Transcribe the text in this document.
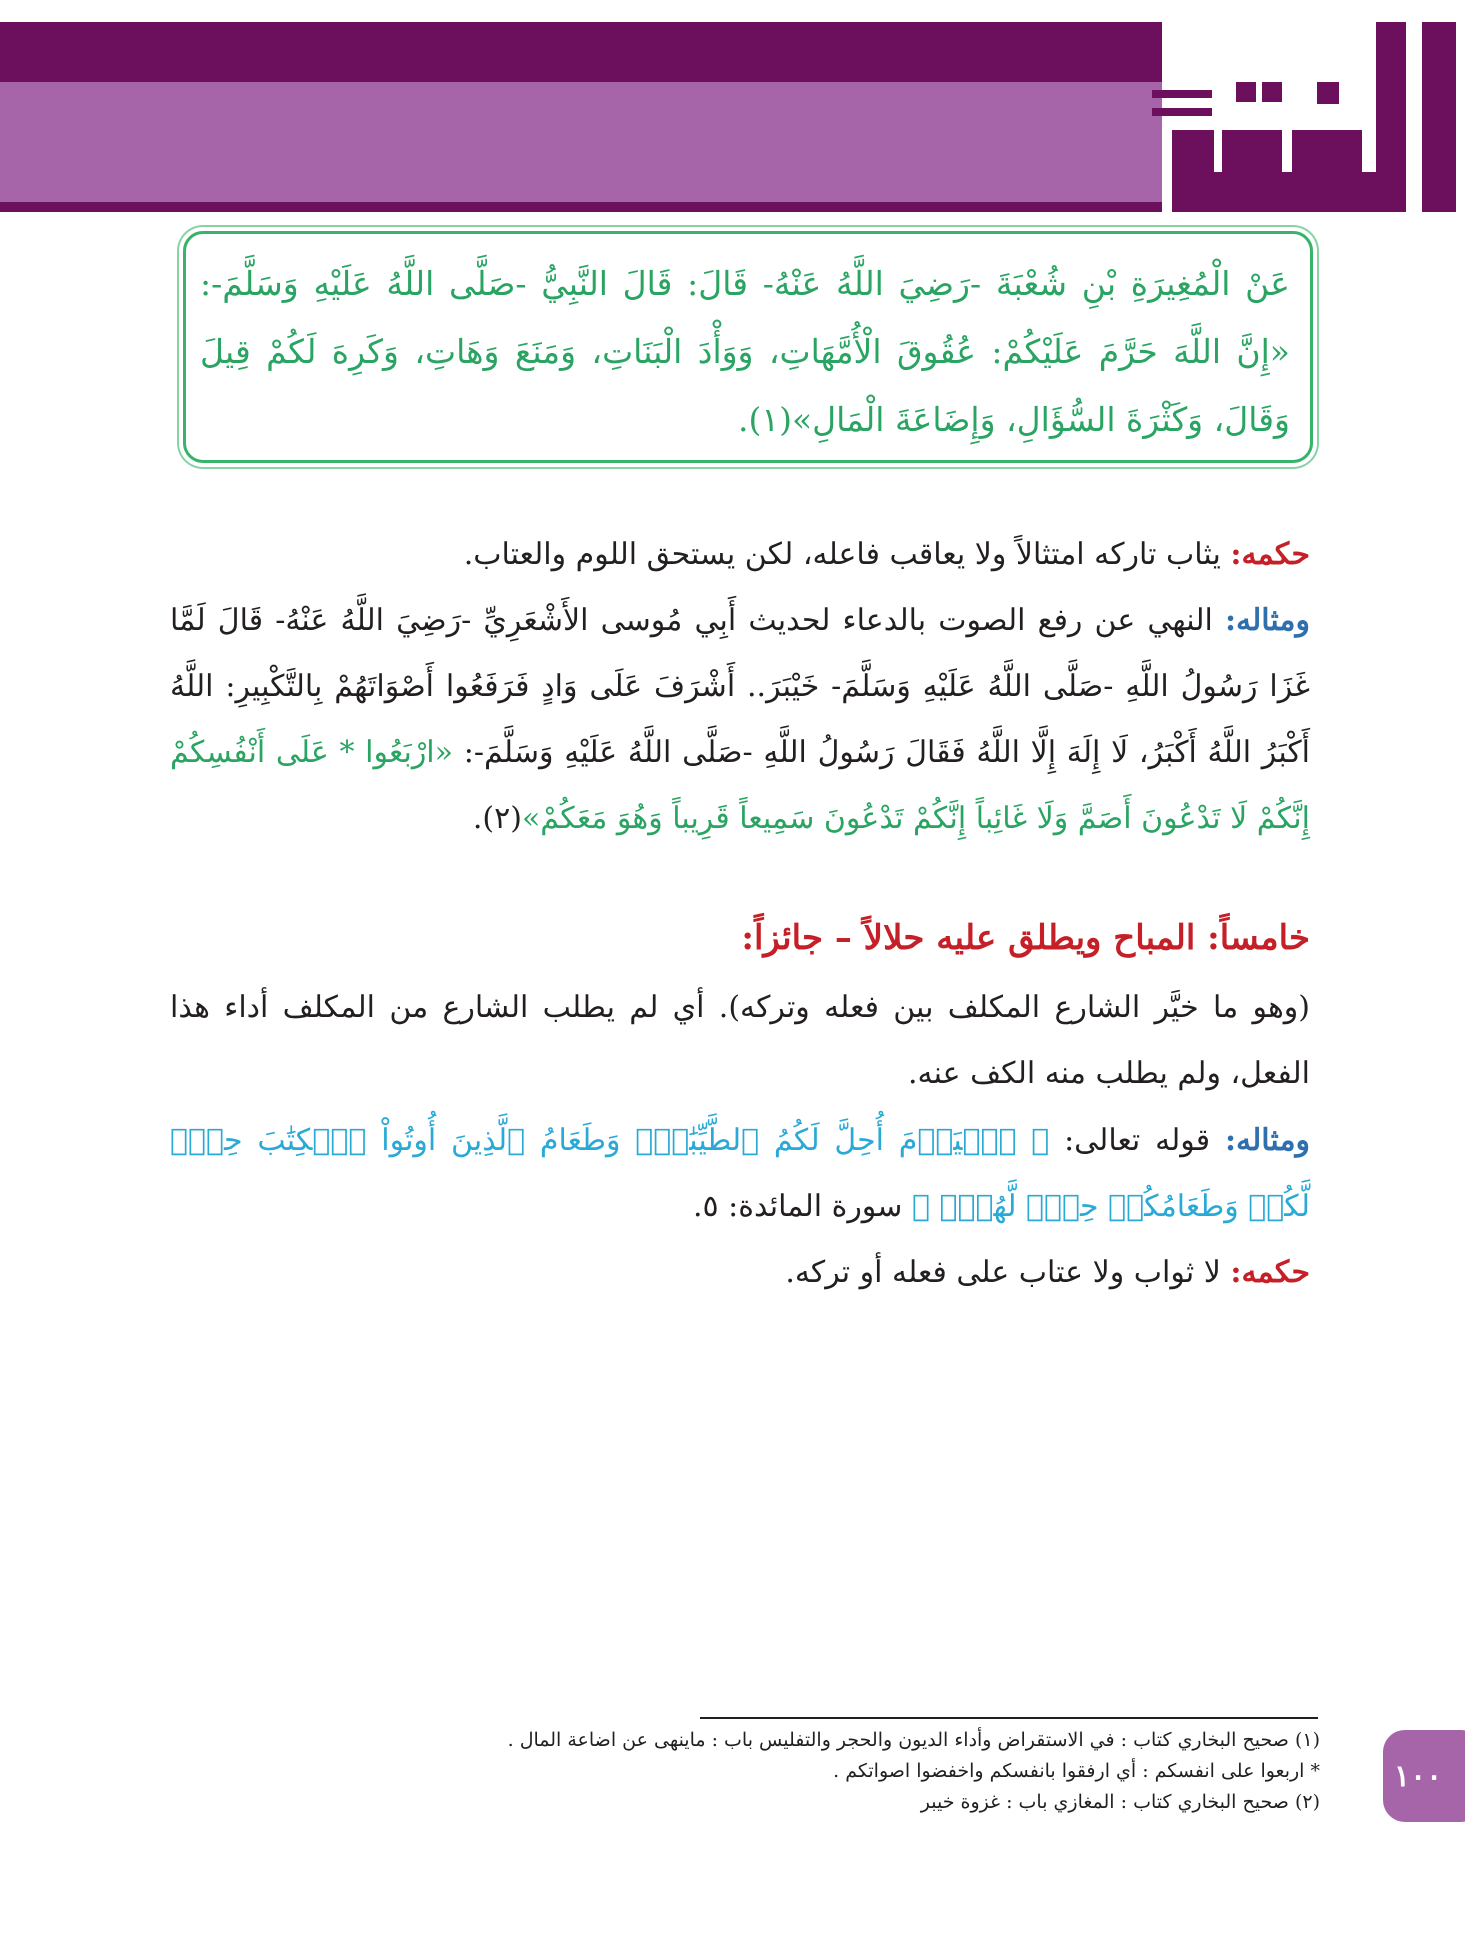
عَنْ الْمُغِيرَةِ بْنِ شُعْبَةَ -رَضِيَ اللَّهُ عَنْهُ- قَالَ: قَالَ النَّبِيُّ -صَلَّى اللَّهُ عَلَيْهِ وَسَلَّمَ-: «إِنَّ اللَّهَ حَرَّمَ عَلَيْكُمْ: عُقُوقَ الْأُمَّهَاتِ، وَوَأْدَ الْبَنَاتِ، وَمَنَعَ وَهَاتِ، وَكَرِهَ لَكُمْ قِيلَ وَقَالَ، وَكَثْرَةَ السُّؤَالِ، وَإِضَاعَةَ الْمَالِ»(١).
حكمه: يثاب تاركه امتثالاً ولا يعاقب فاعله، لكن يستحق اللوم والعتاب.
ومثاله: النهي عن رفع الصوت بالدعاء لحديث أَبِي مُوسى الأَشْعَرِيِّ -رَضِيَ اللَّهُ عَنْهُ- قَالَ لَمَّا غَزَا رَسُولُ اللَّهِ -صَلَّى اللَّهُ عَلَيْهِ وَسَلَّمَ- خَيْبَرَ.. أَشْرَفَ عَلَى وَادٍ فَرَفَعُوا أَصْوَاتَهُمْ بِالتَّكْبِيرِ: اللَّهُ أَكْبَرُ اللَّهُ أَكْبَرُ، لَا إِلَهَ إِلَّا اللَّهُ فَقَالَ رَسُولُ اللَّهِ -صَلَّى اللَّهُ عَلَيْهِ وَسَلَّمَ-: «ارْبَعُوا * عَلَى أَنْفُسِكُمْ إِنَّكُمْ لَا تَدْعُونَ أَصَمَّ وَلَا غَائِباً إِنَّكُمْ تَدْعُونَ سَمِيعاً قَرِيباً وَهُوَ مَعَكُمْ»(٢).
خامساً: المباح ويطلق عليه حلالاً – جائزاً:
(وهو ما خيَّر الشارع المكلف بين فعله وتركه). أي لم يطلب الشارع من المكلف أداء هذا الفعل، ولم يطلب منه الكف عنه.
ومثاله: قوله تعالى: ﴿ ٱلۡيَوۡمَ أُحِلَّ لَكُمُ ٱلطَّيِّبَٰتُۖ وَطَعَامُ ٱلَّذِينَ أُوتُواْ ٱلۡكِتَٰبَ حِلّٞ لَّكُمۡ وَطَعَامُكُمۡ حِلّٞ لَّهُمۡۖ ﴾ سورة المائدة: ٥.
حكمه: لا ثواب ولا عتاب على فعله أو تركه.
(١) صحيح البخاري كتاب : في الاستقراض وأداء الديون والحجر والتفليس باب : ماينهى عن اضاعة المال .
* اربعوا على انفسكم : أي ارفقوا بانفسكم واخفضوا اصواتكم .
(٢) صحيح البخاري كتاب : المغازي باب : غزوة خيبر
١٠٠
